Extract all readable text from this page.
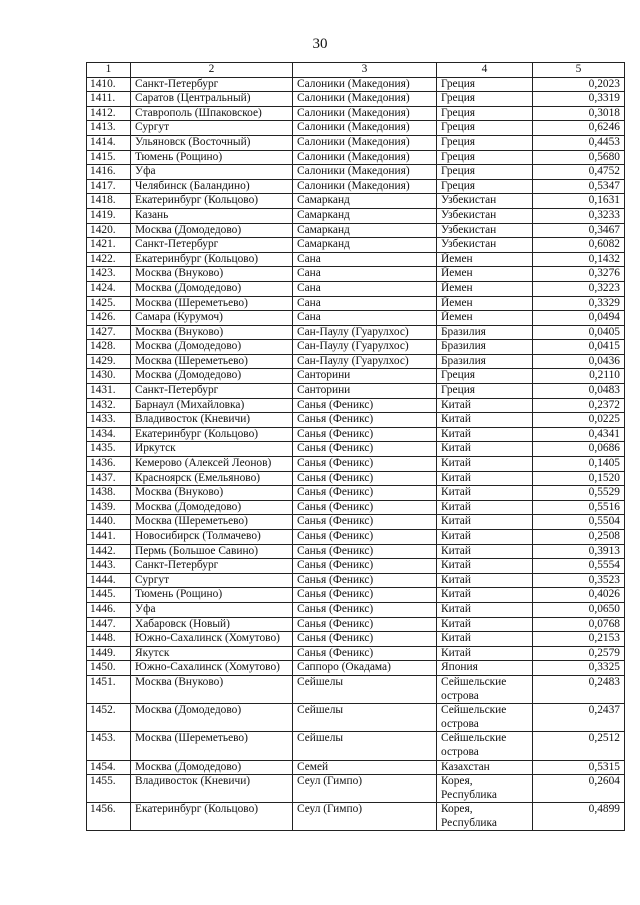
30
1	2	3	4	5
1410.	Санкт-Петербург	Салоники (Македония)	Греция	0,2023
1411.	Саратов (Центральный)	Салоники (Македония)	Греция	0,3319
1412.	Ставрополь (Шпаковское)	Салоники (Македония)	Греция	0,3018
1413.	Сургут	Салоники (Македония)	Греция	0,6246
1414.	Ульяновск (Восточный)	Салоники (Македония)	Греция	0,4453
1415.	Тюмень (Рощино)	Салоники (Македония)	Греция	0,5680
1416.	Уфа	Салоники (Македония)	Греция	0,4752
1417.	Челябинск (Баландино)	Салоники (Македония)	Греция	0,5347
1418.	Екатеринбург (Кольцово)	Самарканд	Узбекистан	0,1631
1419.	Казань	Самарканд	Узбекистан	0,3233
1420.	Москва (Домодедово)	Самарканд	Узбекистан	0,3467
1421.	Санкт-Петербург	Самарканд	Узбекистан	0,6082
1422.	Екатеринбург (Кольцово)	Сана	Йемен	0,1432
1423.	Москва (Внуково)	Сана	Йемен	0,3276
1424.	Москва (Домодедово)	Сана	Йемен	0,3223
1425.	Москва (Шереметьево)	Сана	Йемен	0,3329
1426.	Самара (Курумоч)	Сана	Йемен	0,0494
1427.	Москва (Внуково)	Сан-Паулу (Гуарулхос)	Бразилия	0,0405
1428.	Москва (Домодедово)	Сан-Паулу (Гуарулхос)	Бразилия	0,0415
1429.	Москва (Шереметьево)	Сан-Паулу (Гуарулхос)	Бразилия	0,0436
1430.	Москва (Домодедово)	Санторини	Греция	0,2110
1431.	Санкт-Петербург	Санторини	Греция	0,0483
1432.	Барнаул (Михайловка)	Санья (Феникс)	Китай	0,2372
1433.	Владивосток (Кневичи)	Санья (Феникс)	Китай	0,0225
1434.	Екатеринбург (Кольцово)	Санья (Феникс)	Китай	0,4341
1435.	Иркутск	Санья (Феникс)	Китай	0,0686
1436.	Кемерово (Алексей Леонов)	Санья (Феникс)	Китай	0,1405
1437.	Красноярск (Емельяново)	Санья (Феникс)	Китай	0,1520
1438.	Москва (Внуково)	Санья (Феникс)	Китай	0,5529
1439.	Москва (Домодедово)	Санья (Феникс)	Китай	0,5516
1440.	Москва (Шереметьево)	Санья (Феникс)	Китай	0,5504
1441.	Новосибирск (Толмачево)	Санья (Феникс)	Китай	0,2508
1442.	Пермь (Большое Савино)	Санья (Феникс)	Китай	0,3913
1443.	Санкт-Петербург	Санья (Феникс)	Китай	0,5554
1444.	Сургут	Санья (Феникс)	Китай	0,3523
1445.	Тюмень (Рощино)	Санья (Феникс)	Китай	0,4026
1446.	Уфа	Санья (Феникс)	Китай	0,0650
1447.	Хабаровск (Новый)	Санья (Феникс)	Китай	0,0768
1448.	Южно-Сахалинск (Хомутово)	Санья (Феникс)	Китай	0,2153
1449.	Якутск	Санья (Феникс)	Китай	0,2579
1450.	Южно-Сахалинск (Хомутово)	Саппоро (Окадама)	Япония	0,3325
1451.	Москва (Внуково)	Сейшелы	Сейшельские острова	0,2483
1452.	Москва (Домодедово)	Сейшелы	Сейшельские острова	0,2437
1453.	Москва (Шереметьево)	Сейшелы	Сейшельские острова	0,2512
1454.	Москва (Домодедово)	Семей	Казахстан	0,5315
1455.	Владивосток (Кневичи)	Сеул (Гимпо)	Корея, Республика	0,2604
1456.	Екатеринбург (Кольцово)	Сеул (Гимпо)	Корея, Республика	0,4899
